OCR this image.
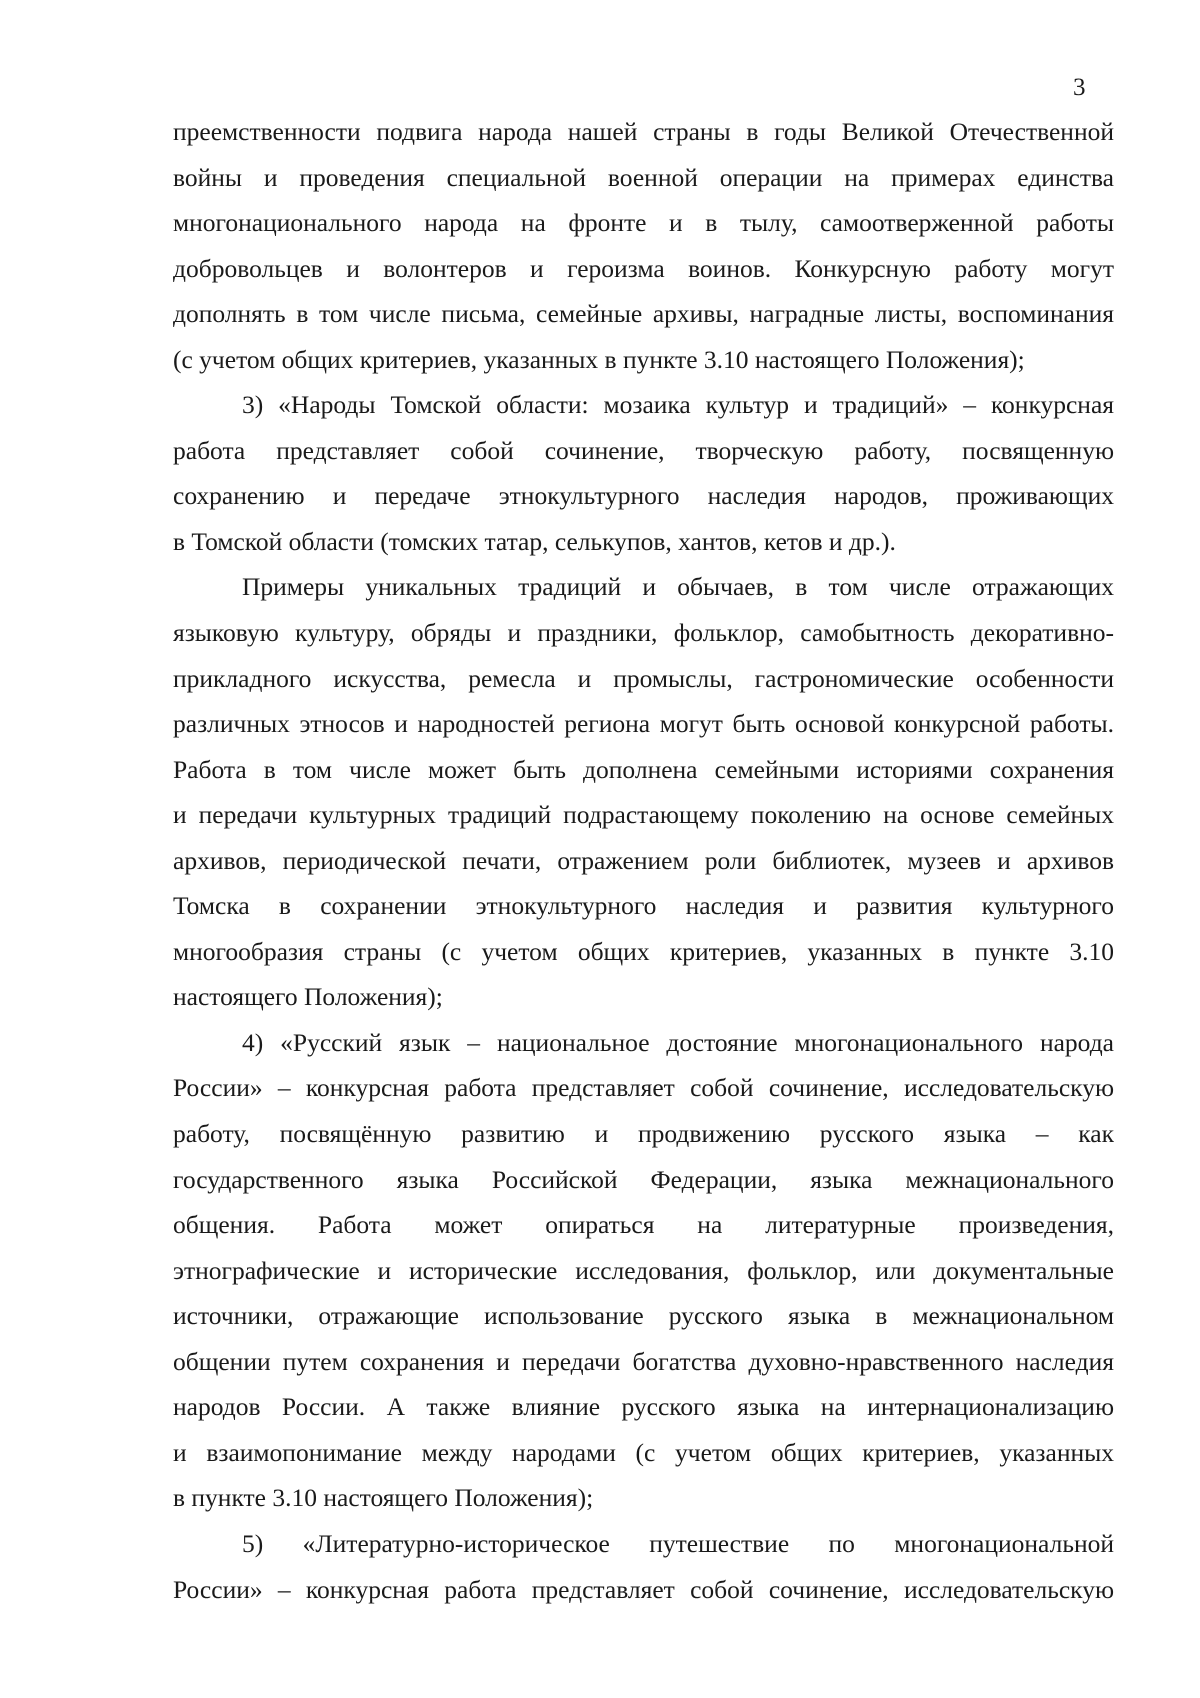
3
преемственности подвига народа нашей страны в годы Великой Отечественной
войны и проведения специальной военной операции на примерах единства
многонационального народа на фронте и в тылу, самоотверженной работы
добровольцев и волонтеров и героизма воинов. Конкурсную работу могут
дополнять в том числе письма, семейные архивы, наградные листы, воспоминания
(с учетом общих критериев, указанных в пункте 3.10 настоящего Положения);
3) «Народы Томской области: мозаика культур и традиций» – конкурсная
работа представляет собой сочинение, творческую работу, посвященную
сохранению и передаче этнокультурного наследия народов, проживающих
в Томской области (томских татар, селькупов, хантов, кетов и др.).
Примеры уникальных традиций и обычаев, в том числе отражающих
языковую культуру, обряды и праздники, фольклор, самобытность декоративно-
прикладного искусства, ремесла и промыслы, гастрономические особенности
различных этносов и народностей региона могут быть основой конкурсной работы.
Работа в том числе может быть дополнена семейными историями сохранения
и передачи культурных традиций подрастающему поколению на основе семейных
архивов, периодической печати, отражением роли библиотек, музеев и архивов
Томска в сохранении этнокультурного наследия и развития культурного
многообразия страны (с учетом общих критериев, указанных в пункте 3.10
настоящего Положения);
4) «Русский язык – национальное достояние многонационального народа
России» – конкурсная работа представляет собой сочинение, исследовательскую
работу, посвящённую развитию и продвижению русского языка – как
государственного языка Российской Федерации, языка межнационального
общения. Работа может опираться на литературные произведения,
этнографические и исторические исследования, фольклор, или документальные
источники, отражающие использование русского языка в межнациональном
общении путем сохранения и передачи богатства духовно-нравственного наследия
народов России. А также влияние русского языка на интернационализацию
и взаимопонимание между народами (с учетом общих критериев, указанных
в пункте 3.10 настоящего Положения);
5) «Литературно-историческое путешествие по многонациональной
России» – конкурсная работа представляет собой сочинение, исследовательскую
